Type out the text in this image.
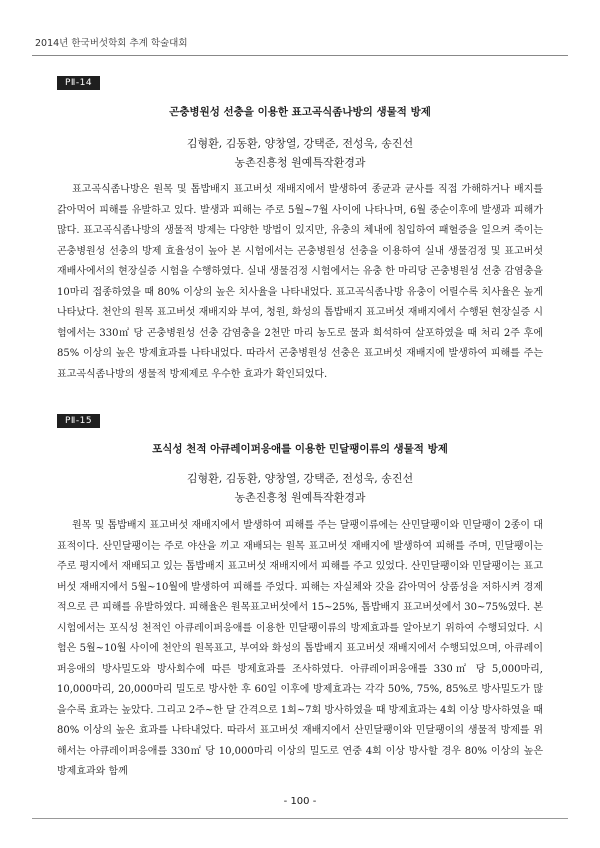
2014년 한국버섯학회 추계 학술대회
PⅡ-14
곤충병원성 선충을 이용한 표고곡식좀나방의 생물적 방제
김형환, 김동환, 양창열, 강택준, 전성욱, 송진선
농촌진흥청 원예특작환경과
표고곡식좀나방은 원목 및 톱밥배지 표고버섯 재배지에서 발생하여 종균과 균사를 직접 가해하거나 배지를 갉아먹어 피해를 유발하고 있다. 발생과 피해는 주로 5월~7월 사이에 나타나며, 6월 중순이후에 발생과 피해가 많다. 표고곡식좀나방의 생물적 방제는 다양한 방법이 있지만, 유충의 체내에 침입하여 패혈증을 일으켜 죽이는 곤충병원성 선충의 방제 효율성이 높아 본 시험에서는 곤충병원성 선충을 이용하여 실내 생물검정 및 표고버섯 재배사에서의 현장실증 시험을 수행하였다. 실내 생물검정 시험에서는 유충 한 마리당 곤충병원성 선충 감염충을 10마리 접종하였을 때 80% 이상의 높은 치사율을 나타내었다. 표고곡식좀나방 유충이 어릴수록 치사율은 높게 나타났다. 천안의 원목 표고버섯 재배지와 부여, 청원, 화성의 톱밥배지 표고버섯 재배지에서 수행된 현장실증 시험에서는 330㎡ 당 곤충병원성 선충 감염충을 2천만 마리 농도로 물과 희석하여 살포하였을 때 처리 2주 후에 85% 이상의 높은 방제효과를 나타내었다. 따라서 곤충병원성 선충은 표고버섯 재배지에 발생하여 피해를 주는 표고곡식좀나방의 생물적 방제제로 우수한 효과가 확인되었다.
PⅡ-15
포식성 천적 아큐레이퍼응애를 이용한 민달팽이류의 생물적 방제
김형환, 김동환, 양창열, 강택준, 전성욱, 송진선
농촌진흥청 원예특작환경과
원목 및 톱밥배지 표고버섯 재배지에서 발생하여 피해를 주는 달팽이류에는 산민달팽이와 민달팽이 2종이 대표적이다. 산민달팽이는 주로 야산을 끼고 재배되는 원목 표고버섯 재배지에 발생하여 피해를 주며, 민달팽이는 주로 평지에서 재배되고 있는 톱밥배지 표고버섯 재배지에서 피해를 주고 있었다. 산민달팽이와 민달팽이는 표고버섯 재배지에서 5월~10월에 발생하여 피해를 주었다. 피해는 자실체와 갓을 갉아먹어 상품성을 저하시켜 경제적으로 큰 피해를 유발하였다. 피해율은 원목표고버섯에서 15~25%, 톱밥배지 표고버섯에서 30~75%였다. 본 시험에서는 포식성 천적인 아큐레이퍼응애를 이용한 민달팽이류의 방제효과를 알아보기 위하여 수행되었다. 시험은 5월~10월 사이에 천안의 원목표고, 부여와 화성의 톱밥배지 표고버섯 재배지에서 수행되었으며, 아큐레이퍼응애의 방사밀도와 방사회수에 따른 방제효과를 조사하였다. 아큐레이퍼응애를 330㎡ 당 5,000마리, 10,000마리, 20,000마리 밀도로 방사한 후 60일 이후에 방제효과는 각각 50%, 75%, 85%로 방사밀도가 많을수록 효과는 높았다. 그리고 2주~한 달 간격으로 1회~7회 방사하였을 때 방제효과는 4회 이상 방사하였을 때 80% 이상의 높은 효과를 나타내었다. 따라서 표고버섯 재배지에서 산민달팽이와 민달팽이의 생물적 방제를 위해서는 아큐레이퍼응애를 330㎡ 당 10,000마리 이상의 밀도로 연중 4회 이상 방사할 경우 80% 이상의 높은 방제효과와 함께
- 100 -
